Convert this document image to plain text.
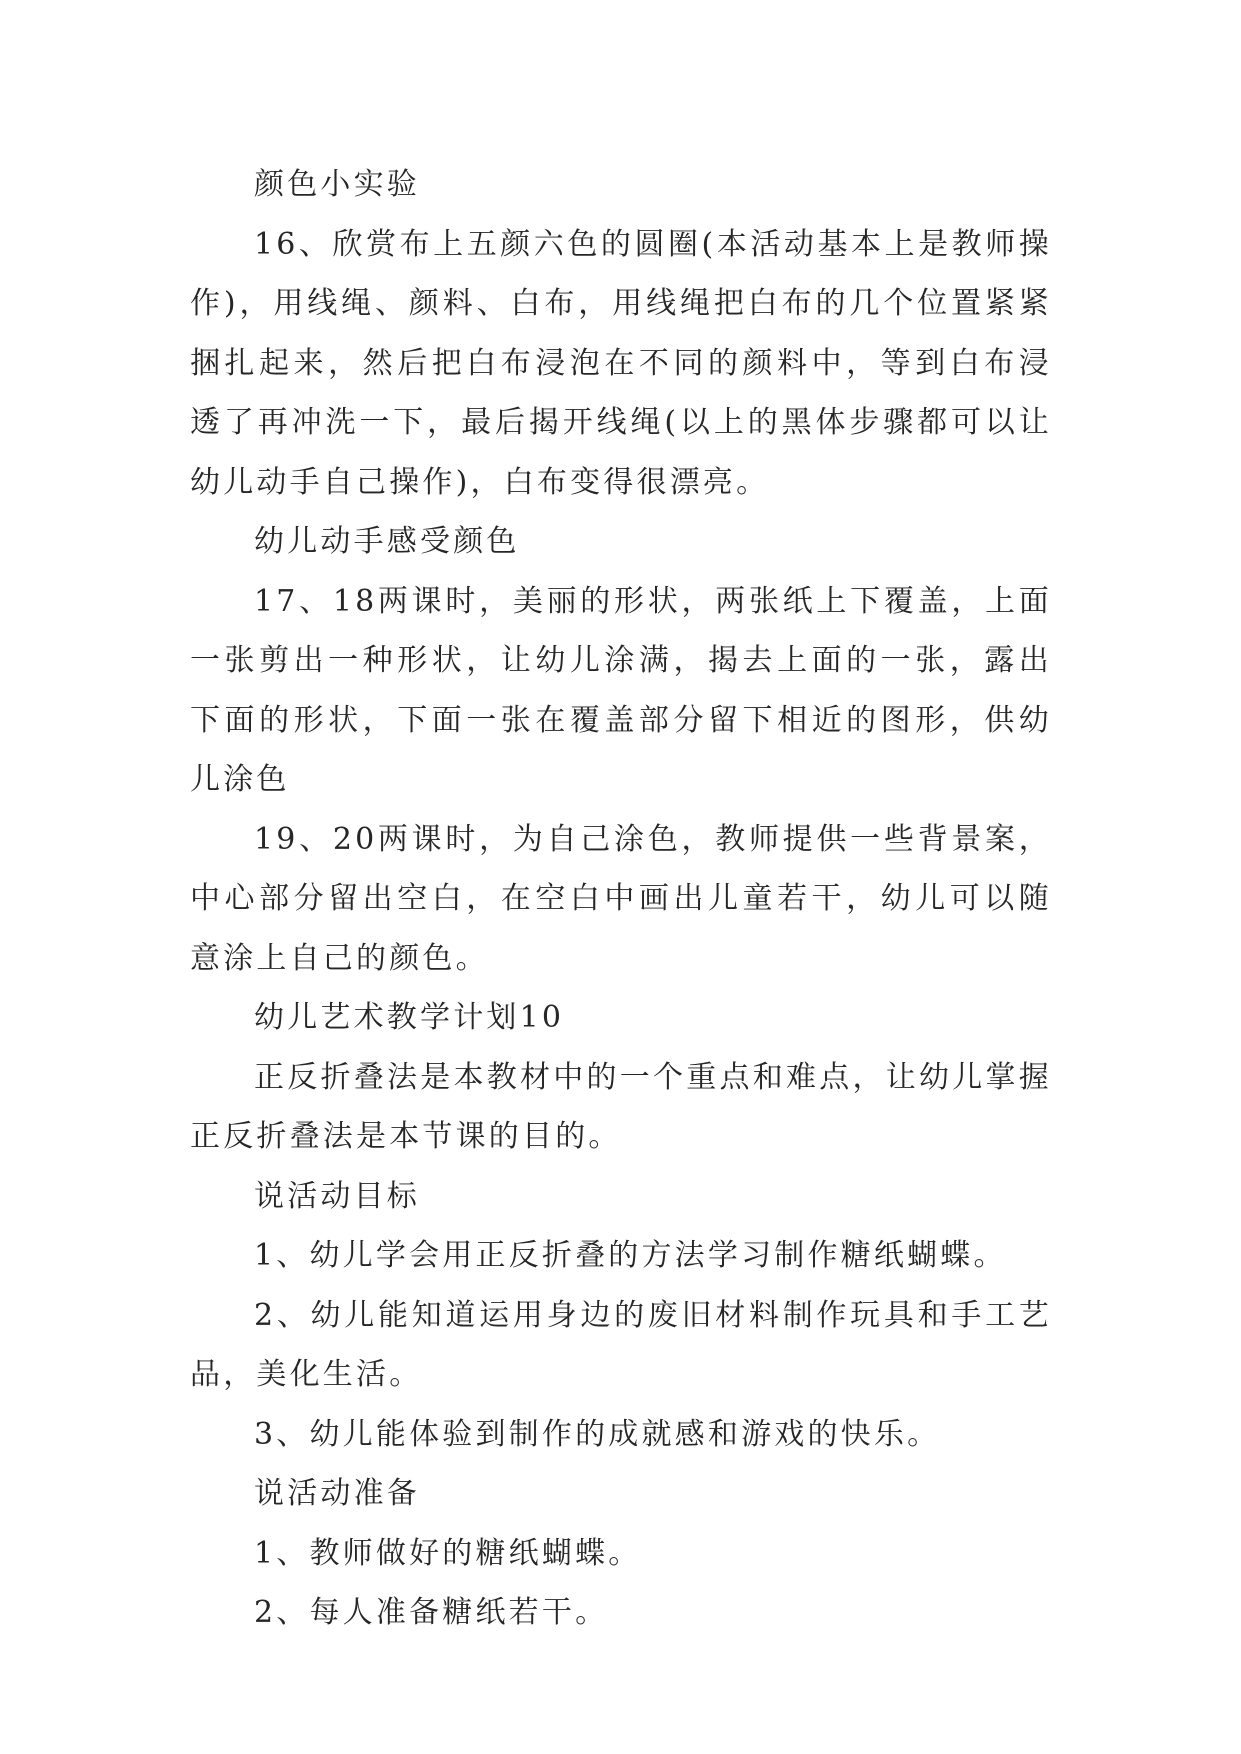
颜色小实验

16、欣赏布上五颜六色的圆圈(本活动基本上是教师操作)，用线绳、颜料、白布，用线绳把白布的几个位置紧紧捆扎起来，然后把白布浸泡在不同的颜料中，等到白布浸透了再冲洗一下，最后揭开线绳(以上的黑体步骤都可以让幼儿动手自己操作)，白布变得很漂亮。

幼儿动手感受颜色

17、18两课时，美丽的形状，两张纸上下覆盖，上面一张剪出一种形状，让幼儿涂满，揭去上面的一张，露出下面的形状，下面一张在覆盖部分留下相近的图形，供幼儿涂色

19、20两课时，为自己涂色，教师提供一些背景案，中心部分留出空白，在空白中画出儿童若干，幼儿可以随意涂上自己的颜色。

幼儿艺术教学计划10

正反折叠法是本教材中的一个重点和难点，让幼儿掌握正反折叠法是本节课的目的。

说活动目标

1、幼儿学会用正反折叠的方法学习制作糖纸蝴蝶。

2、幼儿能知道运用身边的废旧材料制作玩具和手工艺品，美化生活。

3、幼儿能体验到制作的成就感和游戏的快乐。

说活动准备

1、教师做好的糖纸蝴蝶。

2、每人准备糖纸若干。
